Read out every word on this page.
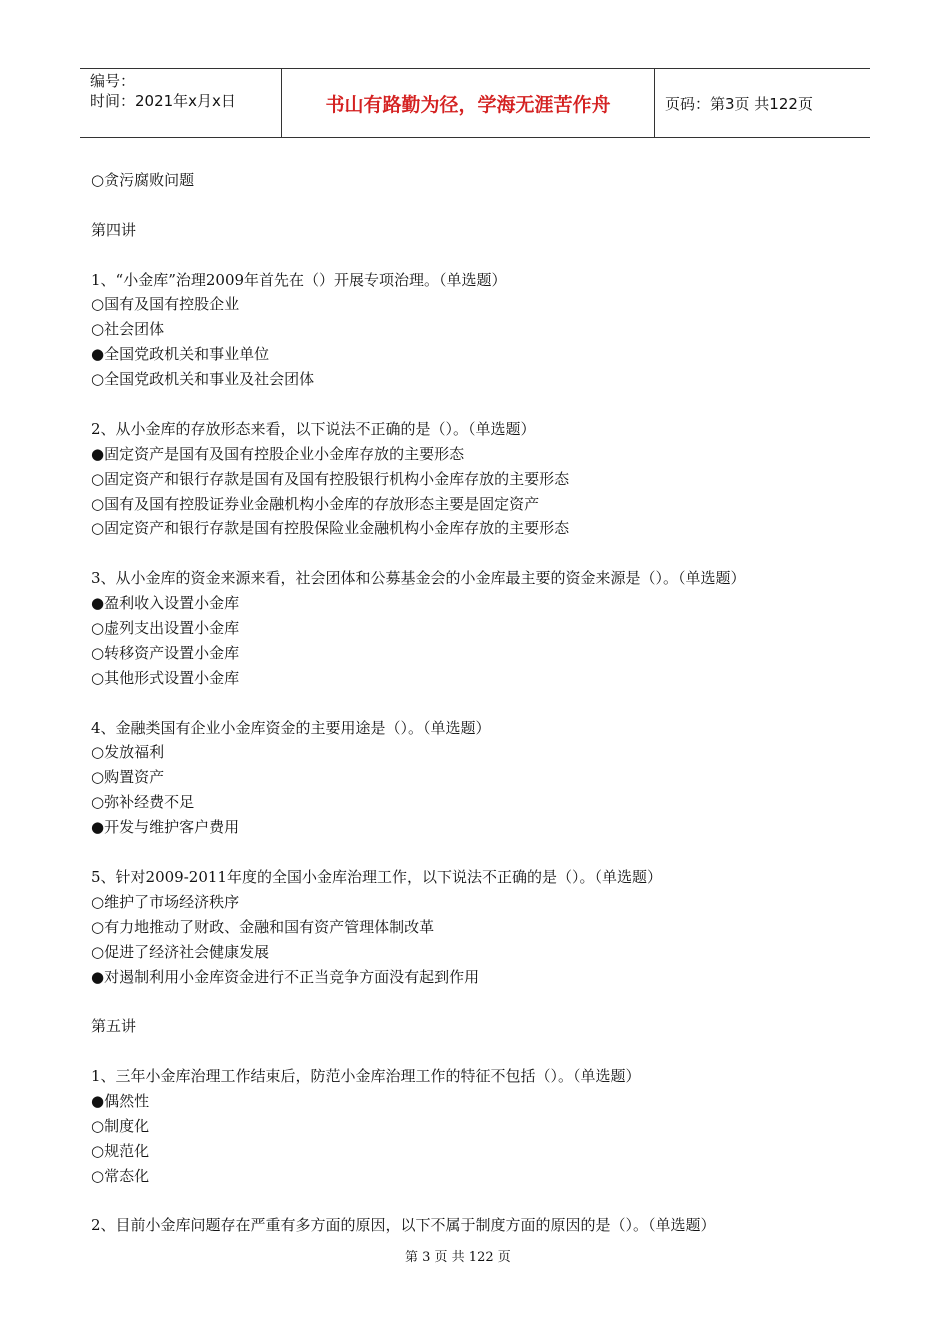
编号：
时间：2021年x月x日	书山有路勤为径，学海无涯苦作舟	页码：第3页 共122页
○贪污腐败问题
第四讲
1、“小金库”治理2009年首先在（）开展专项治理。（单选题）
○国有及国有控股企业
○社会团体
●全国党政机关和事业单位
○全国党政机关和事业及社会团体
2、从小金库的存放形态来看，以下说法不正确的是（）。（单选题）
●固定资产是国有及国有控股企业小金库存放的主要形态
○固定资产和银行存款是国有及国有控股银行机构小金库存放的主要形态
○国有及国有控股证券业金融机构小金库的存放形态主要是固定资产
○固定资产和银行存款是国有控股保险业金融机构小金库存放的主要形态
3、从小金库的资金来源来看，社会团体和公募基金会的小金库最主要的资金来源是（）。（单选题）
●盈利收入设置小金库
○虚列支出设置小金库
○转移资产设置小金库
○其他形式设置小金库
4、金融类国有企业小金库资金的主要用途是（）。（单选题）
○发放福利
○购置资产
○弥补经费不足
●开发与维护客户费用
5、针对2009-2011年度的全国小金库治理工作，以下说法不正确的是（）。（单选题）
○维护了市场经济秩序
○有力地推动了财政、金融和国有资产管理体制改革
○促进了经济社会健康发展
●对遏制利用小金库资金进行不正当竞争方面没有起到作用
第五讲
1、三年小金库治理工作结束后，防范小金库治理工作的特征不包括（）。（单选题）
●偶然性
○制度化
○规范化
○常态化
2、目前小金库问题存在严重有多方面的原因，以下不属于制度方面的原因的是（）。（单选题）
第 3 页 共 122 页
